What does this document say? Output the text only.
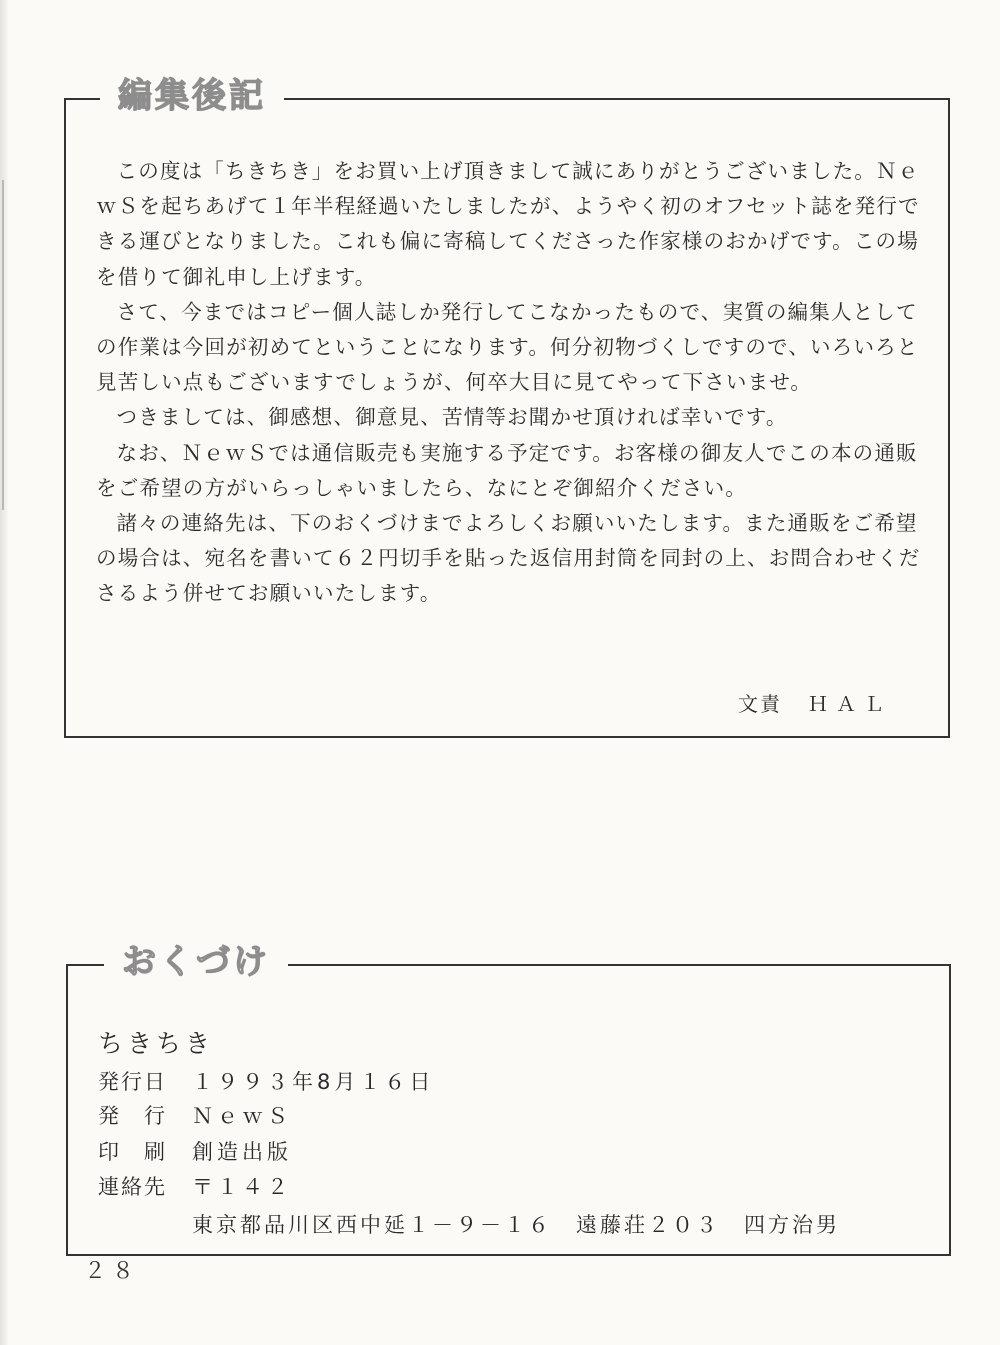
編集後記

この度は「ちきちき」をお買い上げ頂きまして誠にありがとうございました。ＮｅｗＳを起ちあげて１年半程経過いたしましたが、ようやく初のオフセット誌を発行できる運びとなりました。これも偏に寄稿してくださった作家様のおかげです。この場を借りて御礼申し上げます。

さて、今まではコピー個人誌しか発行してこなかったもので、実質の編集人としての作業は今回が初めてということになります。何分初物づくしですので、いろいろと見苦しい点もございますでしょうが、何卒大目に見てやって下さいませ。

つきましては、御感想、御意見、苦情等お聞かせ頂ければ幸いです。

なお、ＮｅｗＳでは通信販売も実施する予定です。お客様の御友人でこの本の通販をご希望の方がいらっしゃいましたら、なにとぞ御紹介ください。

諸々の連絡先は、下のおくづけまでよろしくお願いいたします。また通販をご希望の場合は、宛名を書いて６２円切手を貼った返信用封筒を同封の上、お問合わせくださるよう併せてお願いいたします。

文責 ＨＡＬ
おくづけ
ちきちき
発行日 １９９３年8月１６日
発　行 ＮｅｗＳ
印　刷 創造出版
連絡先 〒１４２
東京都品川区西中延１－９－１６　遠藤荘２０３　四方治男
２８
